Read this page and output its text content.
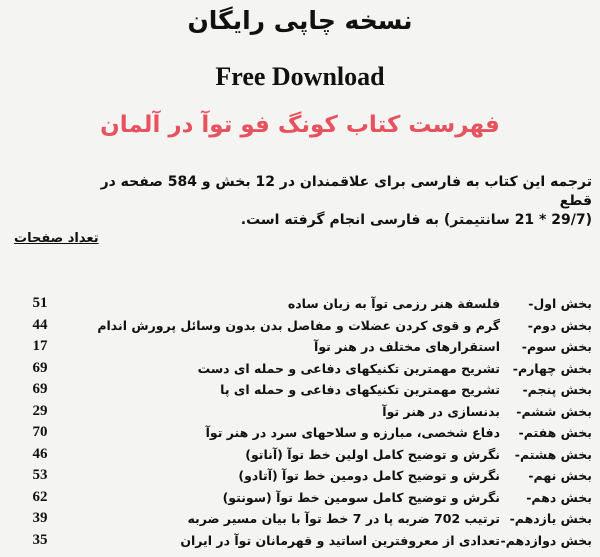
نسخه چاپی رایگان
Free Download
فهرست کتاب کونگ فو توآ در آلمان
ترجمه این کتاب به فارسی برای علاقمندان در 12 بخش و 584 صفحه در قطع
(29/7 * 21 سانتیمتر) به فارسی انجام گرفته است.
تعداد صفحات
بخش اول-
فلسفة هنر رزمی توآ به زبان ساده
51
بخش دوم-
گرم و قوی کردن عضلات و مفاصل بدن بدون وسائل پرورش اندام
44
بخش سوم-
استقرارهای مختلف در هنر توآ
17
بخش چهارم-
تشریح مهمترین تکنیکهای دفاعی و حمله ای دست
69
بخش پنجم-
تشریح مهمترین تکنیکهای دفاعی و حمله ای پا
69
بخش ششم-
بدنسازی در هنر توآ
29
بخش هفتم-
دفاع شخصی، مبارزه و سلاحهای سرد در هنر توآ
70
بخش هشتم-
نگرش و توضیح کامل اولین خط توآ (آناتو)
46
بخش نهم-
نگرش و توضیح کامل دومین خط توآ (آتادو)
53
بخش دهم-
نگرش و توضیح کامل سومین خط توآ (سونتو)
62
بخش یازدهم-
ترتیب 702 ضربه پا در 7 خط توآ با بیان مسیر ضربه
39
بخش دوازدهم-
تعدادی از معروفترین اساتید و قهرمانان توآ در ایران
35
